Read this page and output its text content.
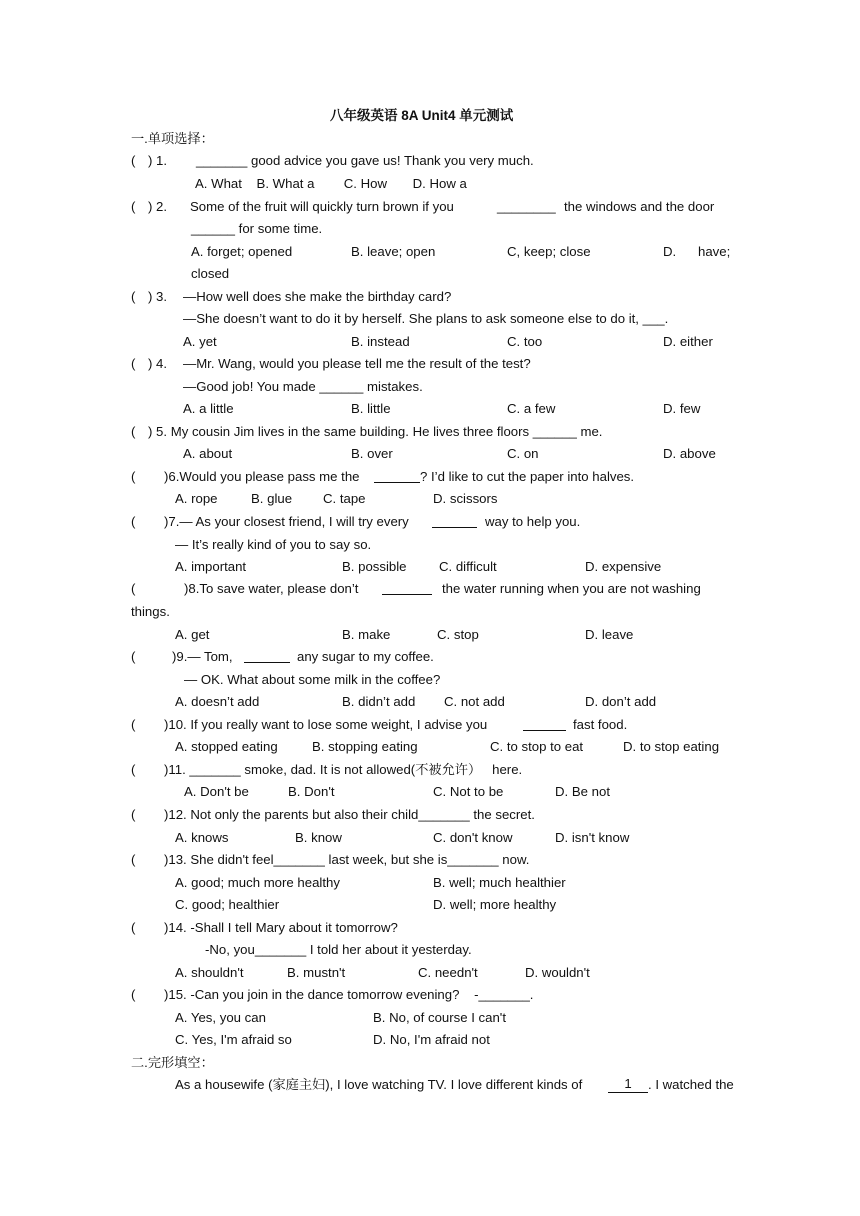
八年级英语 8A Unit4 单元测试
一.单项选择：
( ) 1. _______ good advice you gave us! Thank you very much.
A. What    B. What a        C. How       D. How a
( ) 2. Some of the fruit will quickly turn brown if you	________ the windows and the door
______ for some time.
A. forget; opened	B. leave; open	C, keep; close	D. have;
closed
( ) 3. —How well does she make the birthday card?
—She doesn’t want to do it by herself. She plans to ask someone else to do it, ___.
A. yet	B. instead	C. too	D. either
( ) 4. —Mr. Wang, would you please tell me the result of the test?
—Good job! You made ______ mistakes.
A. a little	B. little	C. a few	D. few
( ) 5. My cousin Jim lives in the same building. He lives three floors ______ me.
A. about	B. over	C. on	D. above
( )6.Would you please pass me the	? I’d like to cut the paper into halves.
A. rope	B. glue C. tape	D. scissors
( )7.— As your closest friend, I will try every	way to help you.
— It’s really kind of you to say so.
A. important	B. possible C. difficult	D. expensive
(	)8.To save water, please don’t	the water running when you are not washing
things.
A. get	B. make	C. stop	D. leave
(	)9.— Tom,	any sugar to my coffee.
— OK. What about some milk in the coffee?
A. doesn’t add	B. didn’t add C. not add	D. don’t add
( )10. If you really want to lose some weight, I advise you	fast food.
A. stopped eating	B. stopping eating	C. to stop to eat	D. to stop eating
( )11. _______ smoke, dad. It is not allowed(不被允许）   here.
A. Don't be	B. Don't	C. Not to be	D. Be not
( )12. Not only the parents but also their child_______ the secret.
A. knows	B. know	C. don't know	D. isn't know
( )13. She didn't feel_______ last week, but she is_______ now.
A. good; much more healthy	B. well; much healthier
C. good; healthier	D. well; more healthy
( )14. -Shall I tell Mary about it tomorrow?
-No, you_______ I told her about it yesterday.
A. shouldn't	B. mustn't	C. needn't	D. wouldn't
( )15. -Can you join in the dance tomorrow evening?    -_______.
A. Yes, you can	B. No, of course I can't
C. Yes, I'm afraid so	D. No, I'm afraid not
二.完形填空：
As a housewife (家庭主妇), I love watching TV. I love different kinds of	1	. I watched the
